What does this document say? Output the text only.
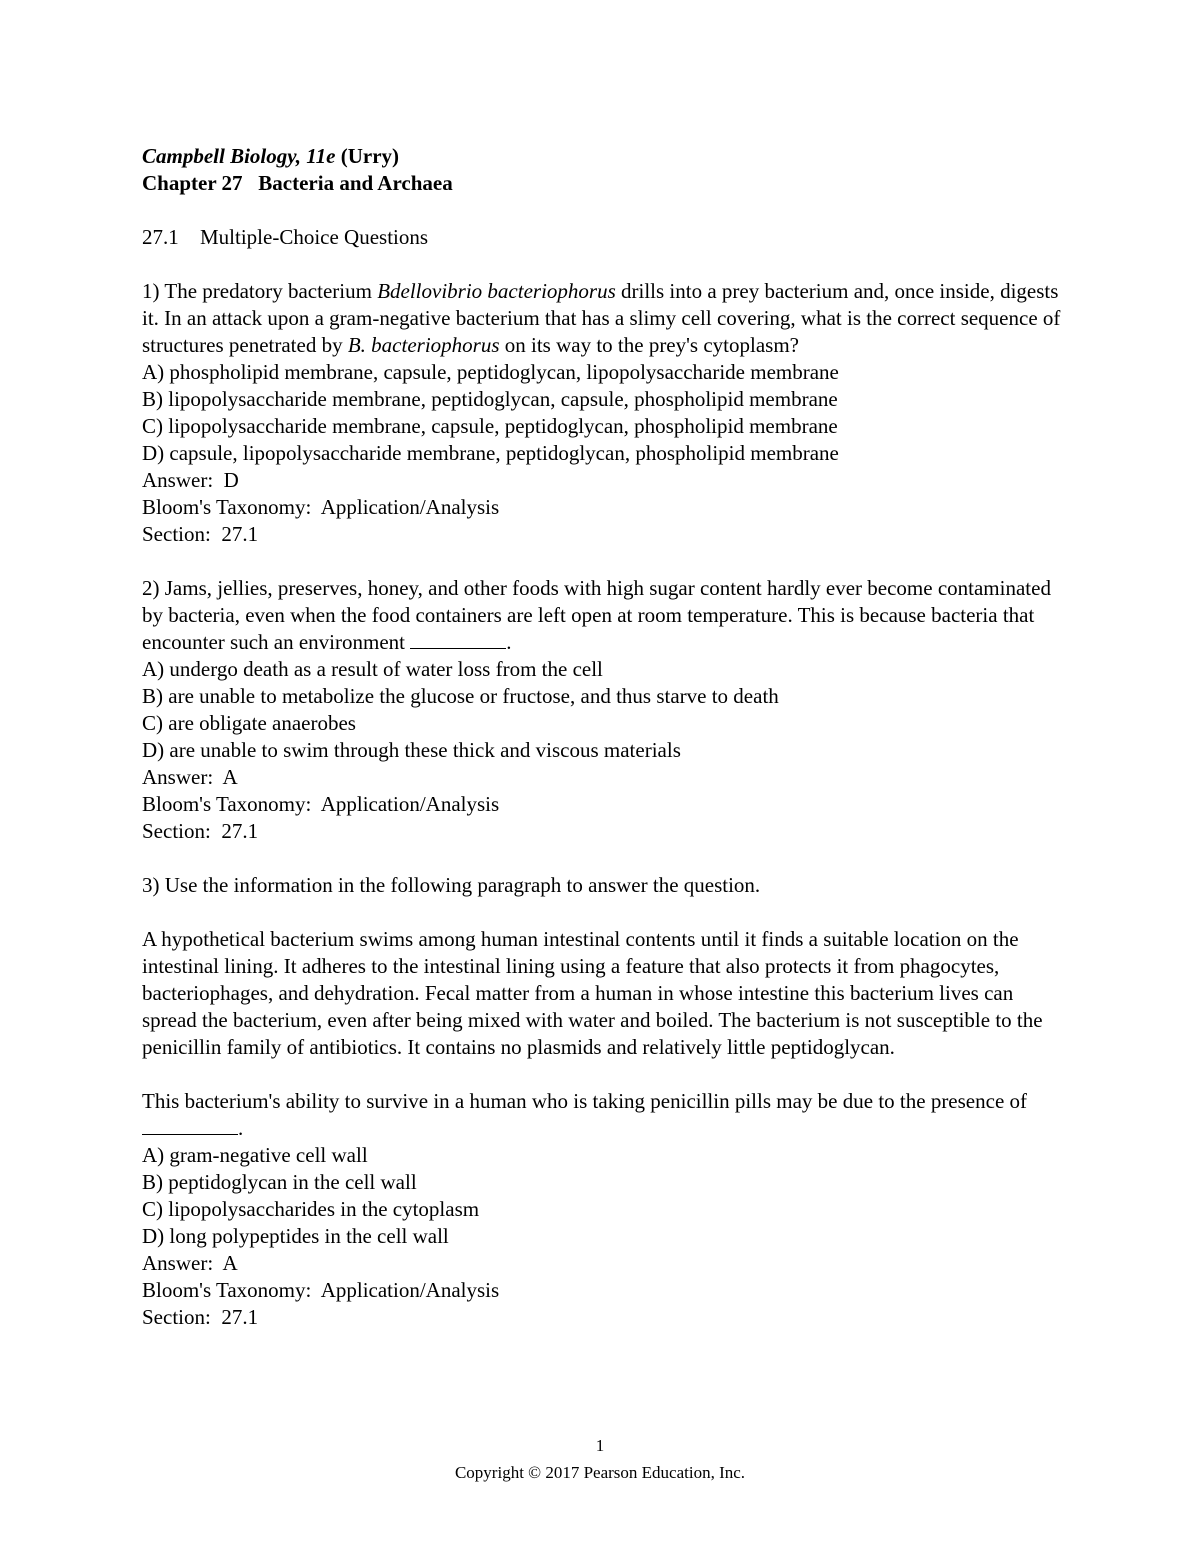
Campbell Biology, 11e (Urry)
Chapter 27   Bacteria and Archaea
27.1 Multiple-Choice Questions
1) The predatory bacterium Bdellovibrio bacteriophorus drills into a prey bacterium and, once inside, digests it. In an attack upon a gram-negative bacterium that has a slimy cell covering, what is the correct sequence of structures penetrated by B. bacteriophorus on its way to the prey's cytoplasm?
A) phospholipid membrane, capsule, peptidoglycan, lipopolysaccharide membrane
B) lipopolysaccharide membrane, peptidoglycan, capsule, phospholipid membrane
C) lipopolysaccharide membrane, capsule, peptidoglycan, phospholipid membrane
D) capsule, lipopolysaccharide membrane, peptidoglycan, phospholipid membrane
Answer:  D
Bloom's Taxonomy:  Application/Analysis
Section:  27.1
2) Jams, jellies, preserves, honey, and other foods with high sugar content hardly ever become contaminated by bacteria, even when the food containers are left open at room temperature. This is because bacteria that encounter such an environment	.
A) undergo death as a result of water loss from the cell
B) are unable to metabolize the glucose or fructose, and thus starve to death
C) are obligate anaerobes
D) are unable to swim through these thick and viscous materials
Answer:  A
Bloom's Taxonomy:  Application/Analysis
Section:  27.1
3) Use the information in the following paragraph to answer the question.
A hypothetical bacterium swims among human intestinal contents until it finds a suitable location on the intestinal lining. It adheres to the intestinal lining using a feature that also protects it from phagocytes, bacteriophages, and dehydration. Fecal matter from a human in whose intestine this bacterium lives can spread the bacterium, even after being mixed with water and boiled. The bacterium is not susceptible to the penicillin family of antibiotics. It contains no plasmids and relatively little peptidoglycan.
This bacterium's ability to survive in a human who is taking penicillin pills may be due to the presence of .
A) gram-negative cell wall
B) peptidoglycan in the cell wall
C) lipopolysaccharides in the cytoplasm
D) long polypeptides in the cell wall
Answer:  A
Bloom's Taxonomy:  Application/Analysis
Section:  27.1
1
Copyright © 2017 Pearson Education, Inc.
